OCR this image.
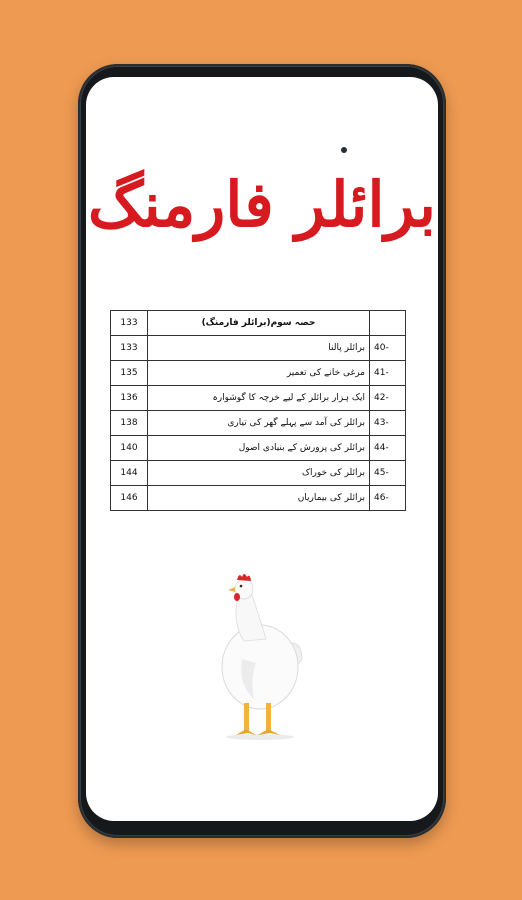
برائلر فارمنگ
133	حصہ سوم(برائلر فارمنگ)	
133	برائلر پالنا	40-
135	مرغی خانے کی تعمیر	41-
136	ایک ہزار برائلر کے لیے خرچہ کا گوشوارہ	42-
138	برائلر کی آمد سے پہلے گھر کی تیاری	43-
140	برائلر کی پرورش کے بنیادی اصول	44-
144	برائلر کی خوراک	45-
146	برائلر کی بیماریاں	46-
